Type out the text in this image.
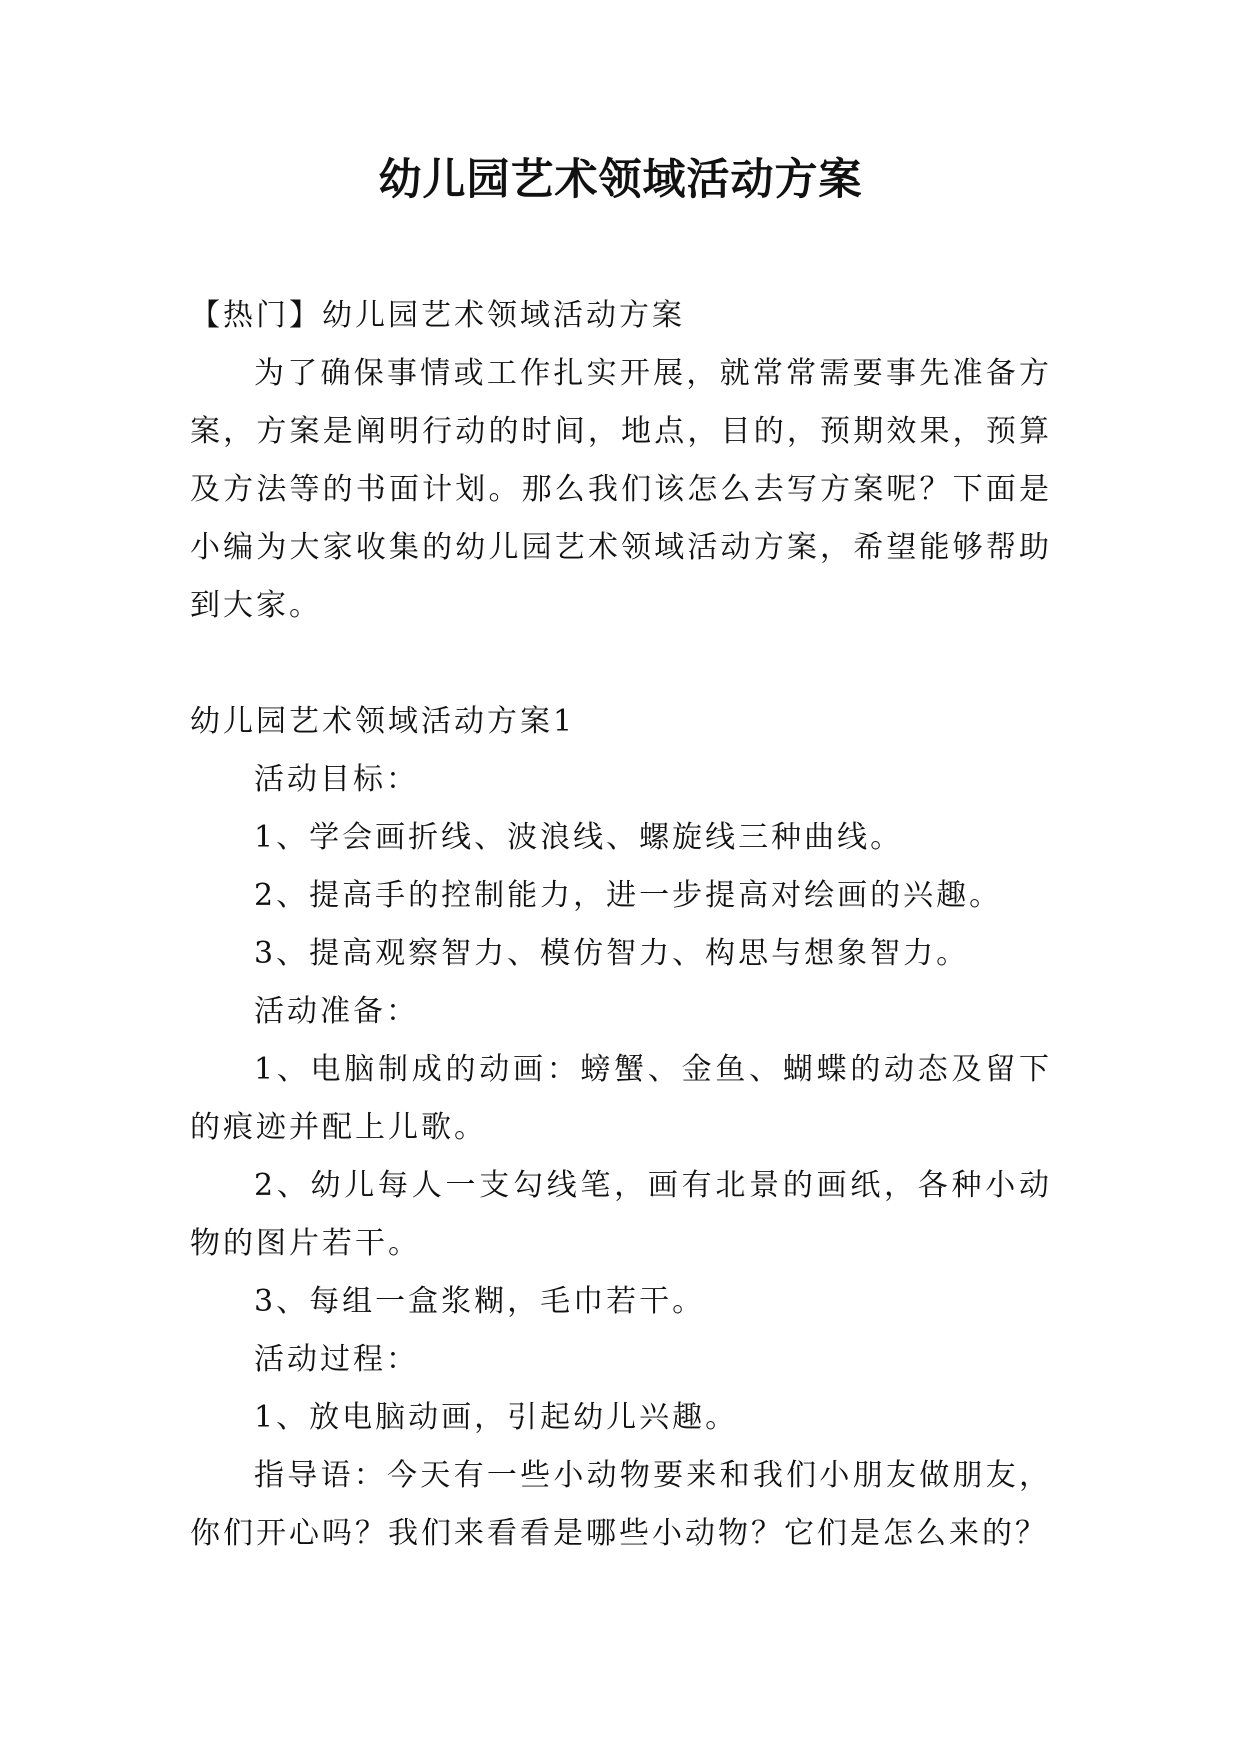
幼儿园艺术领域活动方案

【热门】幼儿园艺术领域活动方案

为了确保事情或工作扎实开展，就常常需要事先准备方案，方案是阐明行动的时间，地点，目的，预期效果，预算及方法等的书面计划。那么我们该怎么去写方案呢？下面是小编为大家收集的幼儿园艺术领域活动方案，希望能够帮助到大家。

幼儿园艺术领域活动方案1

活动目标：

1、学会画折线、波浪线、螺旋线三种曲线。

2、提高手的控制能力，进一步提高对绘画的兴趣。

3、提高观察智力、模仿智力、构思与想象智力。

活动准备：

1、电脑制成的动画：螃蟹、金鱼、蝴蝶的动态及留下的痕迹并配上儿歌。

2、幼儿每人一支勾线笔，画有北景的画纸，各种小动物的图片若干。

3、每组一盒浆糊，毛巾若干。

活动过程：

1、放电脑动画，引起幼儿兴趣。

指导语：今天有一些小动物要来和我们小朋友做朋友，你们开心吗？我们来看看是哪些小动物？它们是怎么来的？
